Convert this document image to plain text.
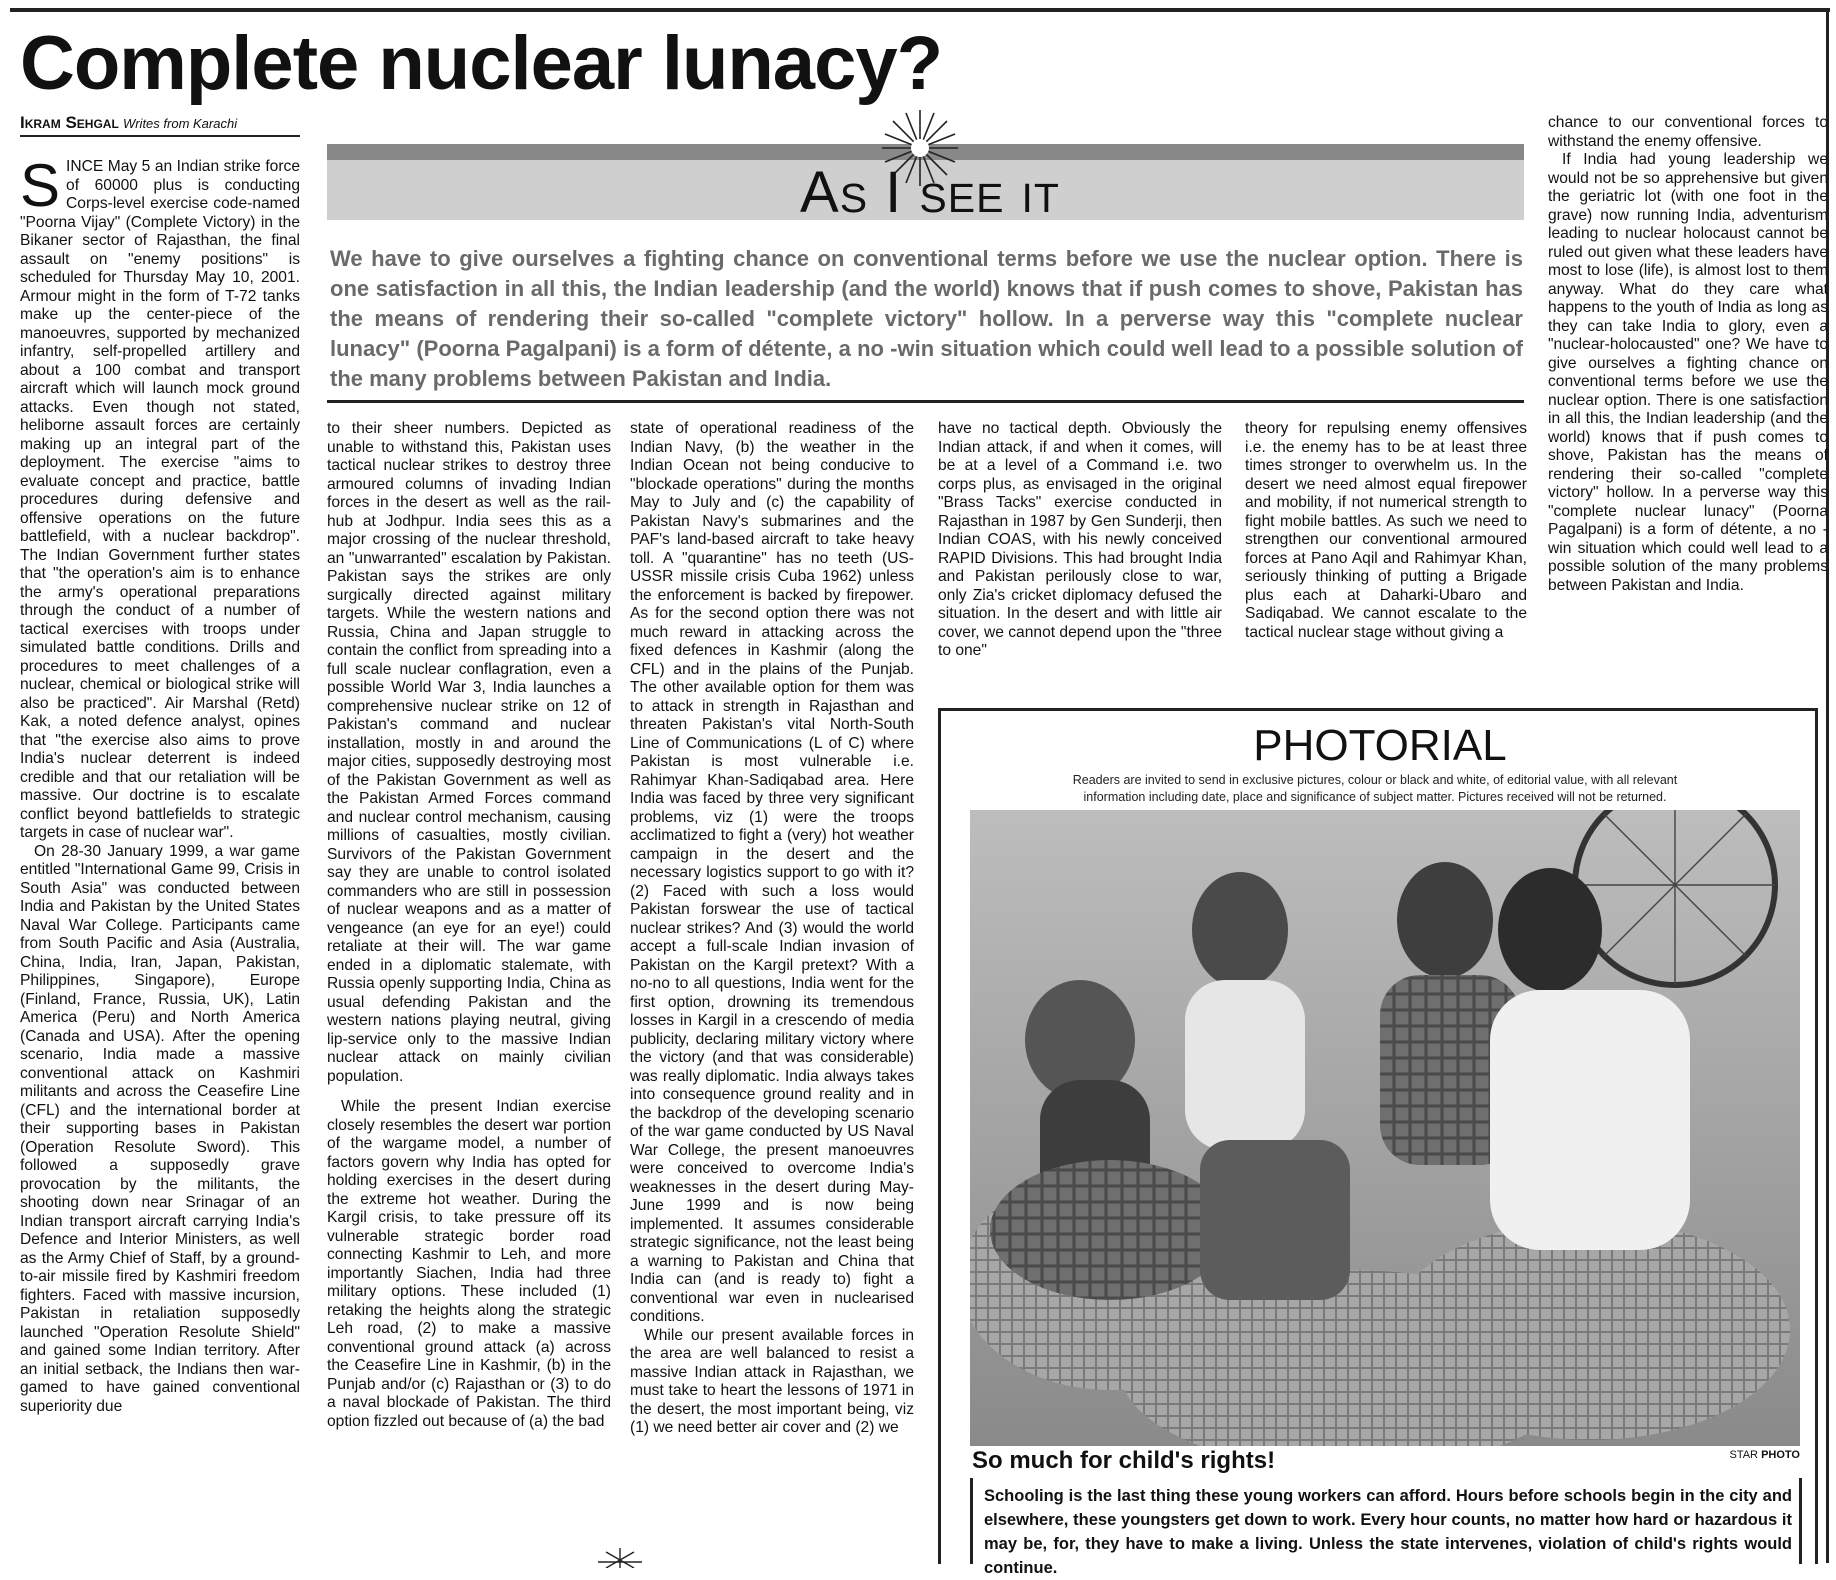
Complete nuclear lunacy?
Ikram Sehgal Writes from Karachi

SINCE May 5 an Indian strike force of 60000 plus is conducting Corps-level exercise code-named "Poorna Vijay" (Complete Victory) in the Bikaner sector of Rajasthan, the final assault on "enemy positions" is scheduled for Thursday May 10, 2001. Armour might in the form of T-72 tanks make up the center-piece of the manoeuvres, supported by mechanized infantry, self-propelled artillery and about a 100 combat and transport aircraft which will launch mock ground attacks. Even though not stated, heliborne assault forces are certainly making up an integral part of the deployment. The exercise "aims to evaluate concept and practice, battle procedures during defensive and offensive operations on the future battlefield, with a nuclear backdrop". The Indian Government further states that "the operation's aim is to enhance the army's operational preparations through the conduct of a number of tactical exercises with troops under simulated battle conditions. Drills and procedures to meet challenges of a nuclear, chemical or biological strike will also be practiced". Air Marshal (Retd) Kak, a noted defence analyst, opines that "the exercise also aims to prove India's nuclear deterrent is indeed credible and that our retaliation will be massive. Our doctrine is to escalate conflict beyond battlefields to strategic targets in case of nuclear war".

On 28-30 January 1999, a war game entitled "International Game 99, Crisis in South Asia" was conducted between India and Pakistan by the United States Naval War College. Participants came from South Pacific and Asia (Australia, China, India, Iran, Japan, Pakistan, Philippines, Singapore), Europe (Finland, France, Russia, UK), Latin America (Peru) and North America (Canada and USA). After the opening scenario, India made a massive conventional attack on Kashmiri militants and across the Ceasefire Line (CFL) and the international border at their supporting bases in Pakistan (Operation Resolute Sword). This followed a supposedly grave provocation by the militants, the shooting down near Srinagar of an Indian transport aircraft carrying India's Defence and Interior Ministers, as well as the Army Chief of Staff, by a ground-to-air missile fired by Kashmiri freedom fighters. Faced with massive incursion, Pakistan in retaliation supposedly launched "Operation Resolute Shield" and gained some Indian territory. After an initial setback, the Indians then war-gamed to have gained conventional superiority due

As I see it
We have to give ourselves a fighting chance on conventional terms before we use the nuclear option. There is one satisfaction in all this, the Indian leadership (and the world) knows that if push comes to shove, Pakistan has the means of rendering their so-called "complete victory" hollow. In a perverse way this "complete nuclear lunacy" (Poorna Pagalpani) is a form of détente, a no -win situation which could well lead to a possible solution of the many problems between Pakistan and India.

to their sheer numbers. Depicted as unable to withstand this, Pakistan uses tactical nuclear strikes to destroy three armoured columns of invading Indian forces in the desert as well as the rail-hub at Jodhpur. India sees this as a major crossing of the nuclear threshold, an "unwarranted" escalation by Pakistan. Pakistan says the strikes are only surgically directed against military targets. While the western nations and Russia, China and Japan struggle to contain the conflict from spreading into a full scale nuclear conflagration, even a possible World War 3, India launches a comprehensive nuclear strike on 12 of Pakistan's command and nuclear installation, mostly in and around the major cities, supposedly destroying most of the Pakistan Government as well as the Pakistan Armed Forces command and nuclear control mechanism, causing millions of casualties, mostly civilian. Survivors of the Pakistan Government say they are unable to control isolated commanders who are still in possession of nuclear weapons and as a matter of vengeance (an eye for an eye!) could retaliate at their will. The war game ended in a diplomatic stalemate, with Russia openly supporting India, China as usual defending Pakistan and the western nations playing neutral, giving lip-service only to the massive Indian nuclear attack on mainly civilian population.

While the present Indian exercise closely resembles the desert war portion of the wargame model, a number of factors govern why India has opted for holding exercises in the desert during the extreme hot weather. During the Kargil crisis, to take pressure off its vulnerable strategic border road connecting Kashmir to Leh, and more importantly Siachen, India had three military options. These included (1) retaking the heights along the strategic Leh road, (2) to make a massive conventional ground attack (a) across the Ceasefire Line in Kashmir, (b) in the Punjab and/or (c) Rajasthan or (3) to do a naval blockade of Pakistan. The third option fizzled out because of (a) the bad

state of operational readiness of the Indian Navy, (b) the weather in the Indian Ocean not being conducive to "blockade operations" during the months May to July and (c) the capability of Pakistan Navy's submarines and the PAF's land-based aircraft to take heavy toll. A "quarantine" has no teeth (US-USSR missile crisis Cuba 1962) unless the enforcement is backed by firepower. As for the second option there was not much reward in attacking across the fixed defences in Kashmir (along the CFL) and in the plains of the Punjab. The other available option for them was to attack in strength in Rajasthan and threaten Pakistan's vital North-South Line of Communications (L of C) where Pakistan is most vulnerable i.e. Rahimyar Khan-Sadiqabad area. Here India was faced by three very significant problems, viz (1) were the troops acclimatized to fight a (very) hot weather campaign in the desert and the necessary logistics support to go with it? (2) Faced with such a loss would Pakistan forswear the use of tactical nuclear strikes? And (3) would the world accept a full-scale Indian invasion of Pakistan on the Kargil pretext? With a no-no to all questions, India went for the first option, drowning its tremendous losses in Kargil in a crescendo of media publicity, declaring military victory where the victory (and that was considerable) was really diplomatic. India always takes into consequence ground reality and in the backdrop of the developing scenario of the war game conducted by US Naval War College, the present manoeuvres were conceived to overcome India's weaknesses in the desert during May-June 1999 and is now being implemented. It assumes considerable strategic significance, not the least being a warning to Pakistan and China that India can (and is ready to) fight a conventional war even in nuclearised conditions.

While our present available forces in the area are well balanced to resist a massive Indian attack in Rajasthan, we must take to heart the lessons of 1971 in the desert, the most important being, viz (1) we need better air cover and (2) we

have no tactical depth. Obviously the Indian attack, if and when it comes, will be at a level of a Command i.e. two corps plus, as envisaged in the original "Brass Tacks" exercise conducted in Rajasthan in 1987 by Gen Sunderji, then Indian COAS, with his newly conceived RAPID Divisions. This had brought India and Pakistan perilously close to war, only Zia's cricket diplomacy defused the situation. In the desert and with little air cover, we cannot depend upon the "three to one"

theory for repulsing enemy offensives i.e. the enemy has to be at least three times stronger to overwhelm us. In the desert we need almost equal firepower and mobility, if not numerical strength to fight mobile battles. As such we need to strengthen our conventional armoured forces at Pano Aqil and Rahimyar Khan, seriously thinking of putting a Brigade plus each at Daharki-Ubaro and Sadiqabad. We cannot escalate to the tactical nuclear stage without giving a

chance to our conventional forces to withstand the enemy offensive.

If India had young leadership we would not be so apprehensive but given the geriatric lot (with one foot in the grave) now running India, adventurism leading to nuclear holocaust cannot be ruled out given what these leaders have most to lose (life), is almost lost to them anyway. What do they care what happens to the youth of India as long as they can take India to glory, even a "nuclear-holocausted" one? We have to give ourselves a fighting chance on conventional terms before we use the nuclear option. There is one satisfaction in all this, the Indian leadership (and the world) knows that if push comes to shove, Pakistan has the means of rendering their so-called "complete victory" hollow. In a perverse way this "complete nuclear lunacy" (Poorna Pagalpani) is a form of détente, a no -win situation which could well lead to a possible solution of the many problems between Pakistan and India.

PHOTORIAL
Readers are invited to send in exclusive pictures, colour or black and white, of editorial value, with all relevant
information including date, place and significance of subject matter. Pictures received will not be returned.
So much for child's rights!	STAR PHOTO
Schooling is the last thing these young workers can afford. Hours before schools begin in the city and elsewhere, these youngsters get down to work. Every hour counts, no matter how hard or hazardous it may be, for, they have to make a living. Unless the state intervenes, violation of child's rights would continue.
